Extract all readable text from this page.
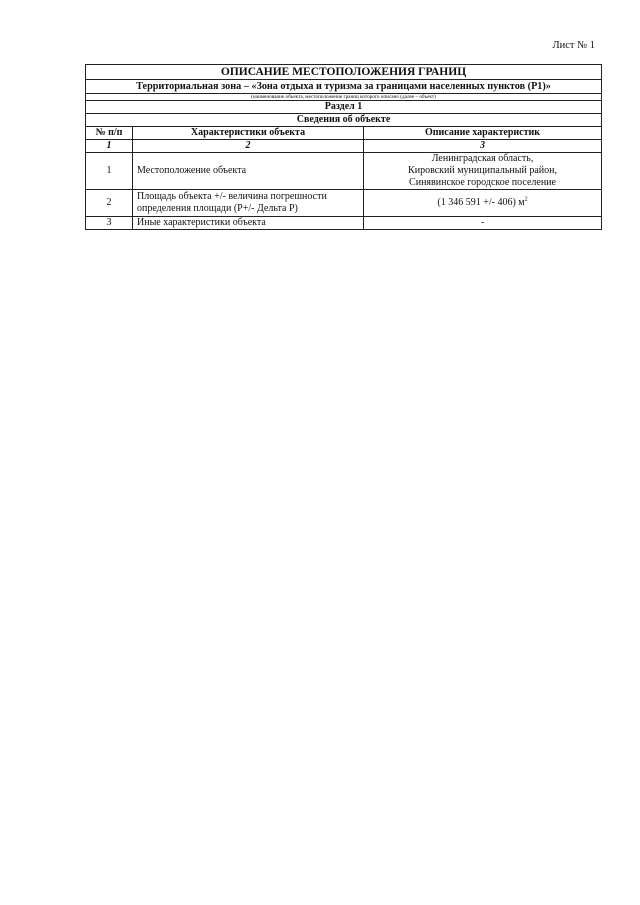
Лист № 1
ОПИСАНИЕ МЕСТОПОЛОЖЕНИЯ ГРАНИЦ		
Территориальная зона – «Зона отдыха и туризма за границами населенных пунктов (Р1)»		
(наименование объекта, местоположение границ которого описано (далее – объект)		
Раздел 1		
Сведения об объекте		
№ п/п	Характеристики объекта	Описание характеристик
1	2	3
1	Местоположение объекта	Ленинградская область,
Кировский муниципальный район,
Синявинское городское поселение

2	Площадь объекта +/- величина погрешности
определения площади (Р+/- Дельта Р)	(1 346 591 +/- 406) $м^2$
3	Иные характеристики объекта	-
